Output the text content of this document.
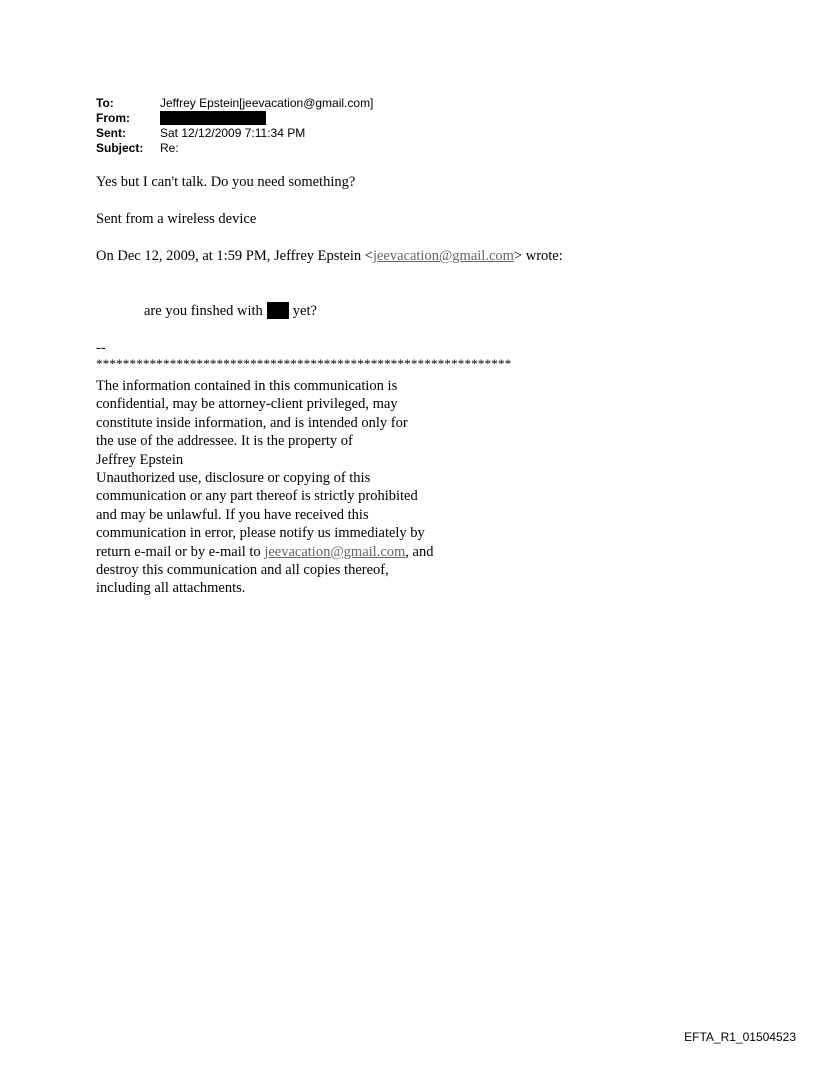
To:	Jeffrey Epstein[jeevacation@gmail.com]
From:
Sent:	Sat 12/12/2009 7:11:34 PM
Subject:	Re:
Yes but I can't talk. Do you need something?
Sent from a wireless device
On Dec 12, 2009, at 1:59 PM, Jeffrey Epstein <jeevacation@gmail.com> wrote:
are you finshed with yet?
--
**************************************************************
The information contained in this communication is
confidential, may be attorney-client privileged, may
constitute inside information, and is intended only for
the use of the addressee. It is the property of
Jeffrey Epstein
Unauthorized use, disclosure or copying of this
communication or any part thereof is strictly prohibited
and may be unlawful. If you have received this
communication in error, please notify us immediately by
return e-mail or by e-mail to jeevacation@gmail.com, and
destroy this communication and all copies thereof,
including all attachments.
EFTA_R1_01504523
